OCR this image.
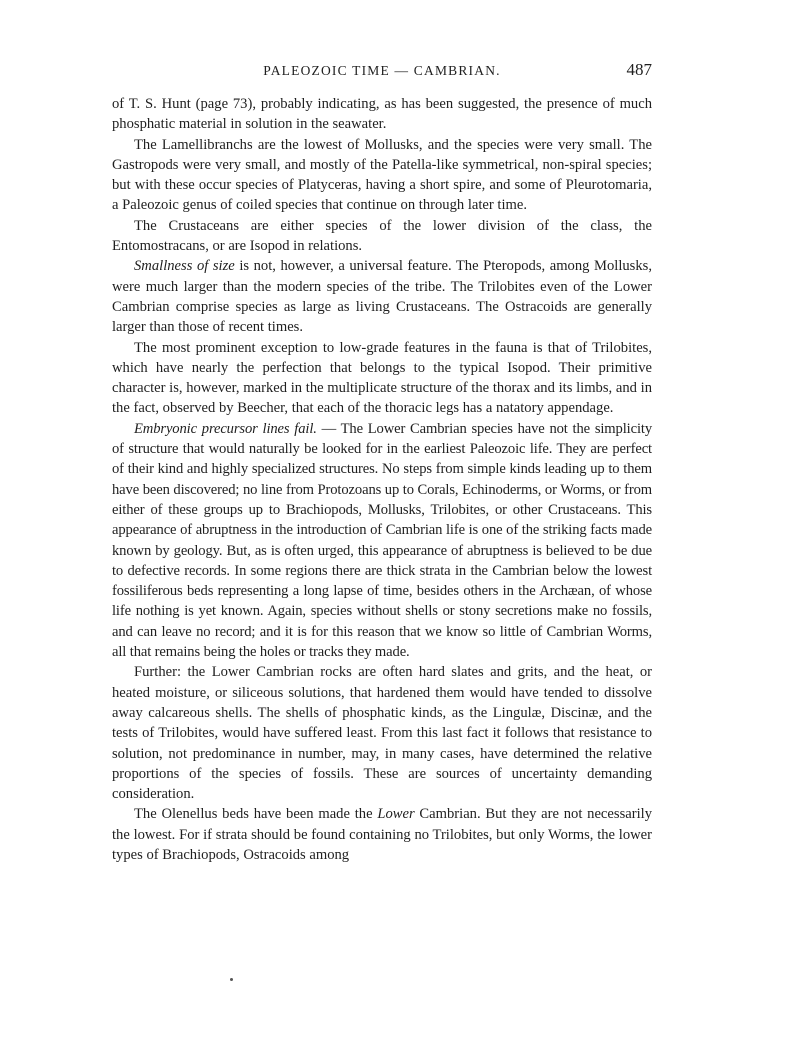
PALEOZOIC TIME — CAMBRIAN.	487

of T. S. Hunt (page 73), probably indicating, as has been suggested, the presence of much phosphatic material in solution in the seawater.

The Lamellibranchs are the lowest of Mollusks, and the species were very small. The Gastropods were very small, and mostly of the Patella-like symmetrical, non-spiral species; but with these occur species of Platyceras, having a short spire, and some of Pleurotomaria, a Paleozoic genus of coiled species that continue on through later time.

The Crustaceans are either species of the lower division of the class, the Entomostracans, or are Isopod in relations.

Smallness of size is not, however, a universal feature. The Pteropods, among Mollusks, were much larger than the modern species of the tribe. The Trilobites even of the Lower Cambrian comprise species as large as living Crustaceans. The Ostracoids are generally larger than those of recent times.

The most prominent exception to low-grade features in the fauna is that of Trilobites, which have nearly the perfection that belongs to the typical Isopod. Their primitive character is, however, marked in the multiplicate structure of the thorax and its limbs, and in the fact, observed by Beecher, that each of the thoracic legs has a natatory appendage.

Embryonic precursor lines fail. — The Lower Cambrian species have not the simplicity of structure that would naturally be looked for in the earliest Paleozoic life. They are perfect of their kind and highly specialized structures. No steps from simple kinds leading up to them have been discovered; no line from Protozoans up to Corals, Echinoderms, or Worms, or from either of these groups up to Brachiopods, Mollusks, Trilobites, or other Crustaceans. This appearance of abruptness in the introduction of Cambrian life is one of the striking facts made known by geology. But, as is often urged, this appearance of abruptness is believed to be due to defective records. In some regions there are thick strata in the Cambrian below the lowest fossiliferous beds representing a long lapse of time, besides others in the Archæan, of whose life nothing is yet known. Again, species without shells or stony secretions make no fossils, and can leave no record; and it is for this reason that we know so little of Cambrian Worms, all that remains being the holes or tracks they made.

Further: the Lower Cambrian rocks are often hard slates and grits, and the heat, or heated moisture, or siliceous solutions, that hardened them would have tended to dissolve away calcareous shells. The shells of phosphatic kinds, as the Lingulæ, Discinæ, and the tests of Trilobites, would have suffered least. From this last fact it follows that resistance to solution, not predominance in number, may, in many cases, have determined the relative proportions of the species of fossils. These are sources of uncertainty demanding consideration.

The Olenellus beds have been made the Lower Cambrian. But they are not necessarily the lowest. For if strata should be found containing no Trilobites, but only Worms, the lower types of Brachiopods, Ostracoids among
